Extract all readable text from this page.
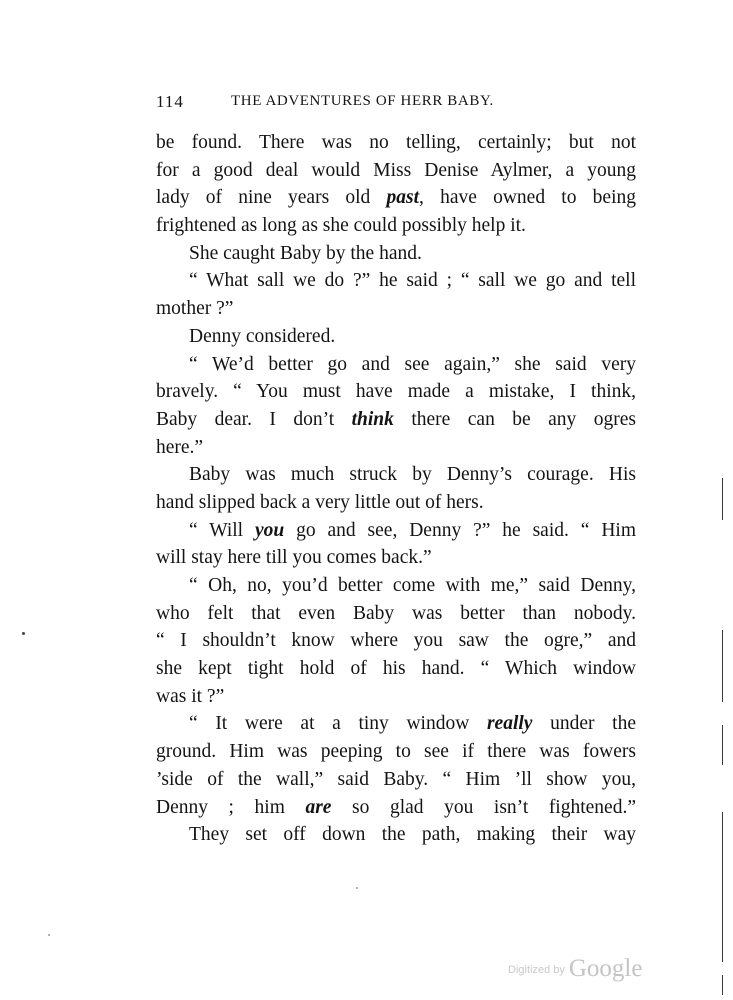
114	THE ADVENTURES OF HERR BABY.
be found. There was no telling, certainly; but not
for a good deal would Miss Denise Aylmer, a young
lady of nine years old past, have owned to being
frightened as long as she could possibly help it.
She caught Baby by the hand.
“ What sall we do ?” he said ; “ sall we go and tell
mother ?”
Denny considered.
“ We’d better go and see again,” she said very
bravely. “ You must have made a mistake, I think,
Baby dear. I don’t think there can be any ogres
here.”
Baby was much struck by Denny’s courage. His
hand slipped back a very little out of hers.
“ Will you go and see, Denny ?” he said. “ Him
will stay here till you comes back.”
“ Oh, no, you’d better come with me,” said Denny,
who felt that even Baby was better than nobody.
“ I shouldn’t know where you saw the ogre,” and
she kept tight hold of his hand. “ Which window
was it ?”
“ It were at a tiny window really under the
ground. Him was peeping to see if there was fowers
’side of the wall,” said Baby. “ Him ’ll show you,
Denny ; him are so glad you isn’t fightened.”
They set off down the path, making their way
Digitized by Google
